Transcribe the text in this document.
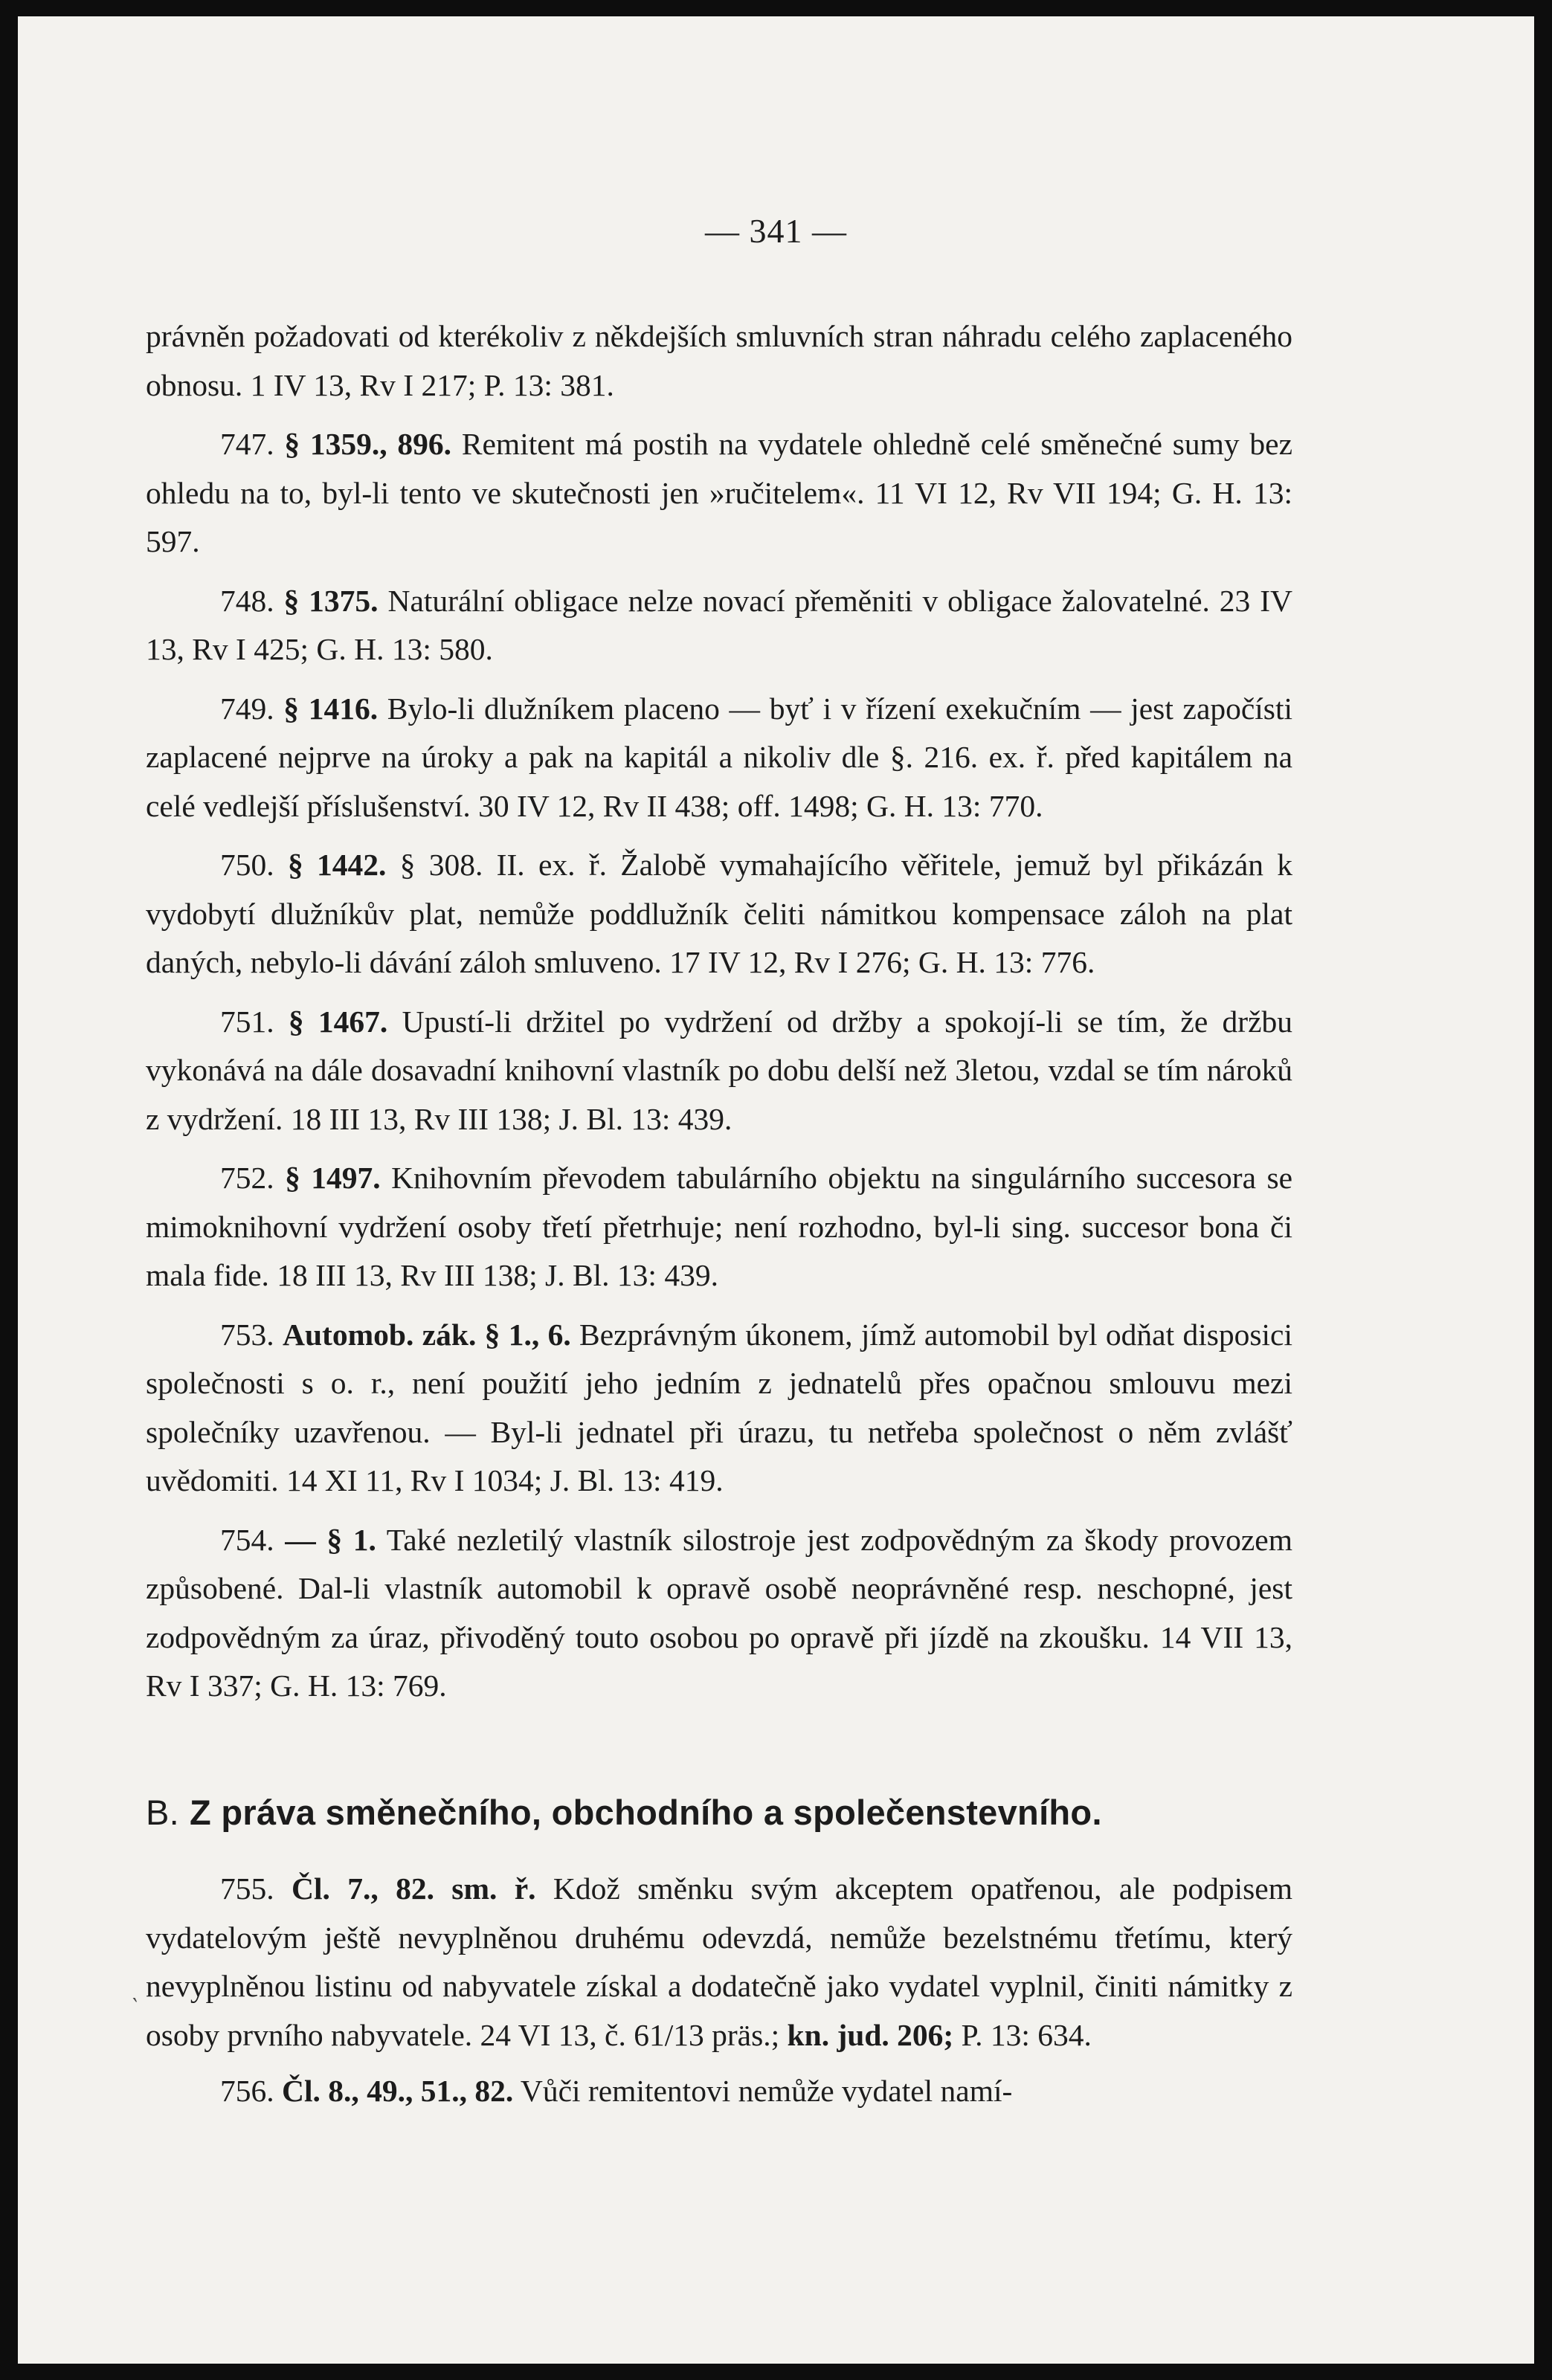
— 341 —

právněn požadovati od kterékoliv z někdejších smluvních stran náhradu celého zaplaceného obnosu. 1 IV 13, Rv I 217; P. 13: 381.

747. § 1359., 896. Remitent má postih na vydatele ohledně celé směnečné sumy bez ohledu na to, byl-li tento ve skutečnosti jen »ručitelem«. 11 VI 12, Rv VII 194; G. H. 13: 597.

748. § 1375. Naturální obligace nelze novací přeměniti v obligace žalovatelné. 23 IV 13, Rv I 425; G. H. 13: 580.

749. § 1416. Bylo-li dlužníkem placeno — byť i v řízení exekučním — jest započísti zaplacené nejprve na úroky a pak na kapitál a nikoliv dle §. 216. ex. ř. před kapitálem na celé vedlejší příslušenství. 30 IV 12, Rv II 438; off. 1498; G. H. 13: 770.

750. § 1442. § 308. II. ex. ř. Žalobě vymahajícího věřitele, jemuž byl přikázán k vydobytí dlužníkův plat, nemůže poddlužník čeliti námitkou kompensace záloh na plat daných, nebylo-li dávání záloh smluveno. 17 IV 12, Rv I 276; G. H. 13: 776.

751. § 1467. Upustí-li držitel po vydržení od držby a spokojí-li se tím, že držbu vykonává na dále dosavadní knihovní vlastník po dobu delší než 3letou, vzdal se tím nároků z vydržení. 18 III 13, Rv III 138; J. Bl. 13: 439.

752. § 1497. Knihovním převodem tabulárního objektu na singulárního succesora se mimoknihovní vydržení osoby třetí přetrhuje; není rozhodno, byl-li sing. succesor bona či mala fide. 18 III 13, Rv III 138; J. Bl. 13: 439.

753. Automob. zák. § 1., 6. Bezprávným úkonem, jímž automobil byl odňat disposici společnosti s o. r., není použití jeho jedním z jednatelů přes opačnou smlouvu mezi společníky uzavřenou. — Byl-li jednatel při úrazu, tu netřeba společnost o něm zvlášť uvědomiti. 14 XI 11, Rv I 1034; J. Bl. 13: 419.

754. — § 1. Také nezletilý vlastník silostroje jest zodpovědným za škody provozem způsobené. Dal-li vlastník automobil k opravě osobě neoprávněné resp. neschopné, jest zodpovědným za úraz, přivoděný touto osobou po opravě při jízdě na zkoušku. 14 VII 13, Rv I 337; G. H. 13: 769.

B. Z práva směnečního, obchodního a společenstevního.

755. Čl. 7., 82. sm. ř. Kdož směnku svým akceptem opatřenou, ale podpisem vydatelovým ještě nevyplněnou druhému odevzdá, nemůže bezelstnému třetímu, který nevyplněnou listinu od nabyvatele získal a dodatečně jako vydatel vyplnil, činiti námitky z osoby prvního nabyvatele. 24 VI 13, č. 61/13 präs.; kn. jud. 206; P. 13: 634.

756. Čl. 8., 49., 51., 82. Vůči remitentovi nemůže vydatel namí-

‵
